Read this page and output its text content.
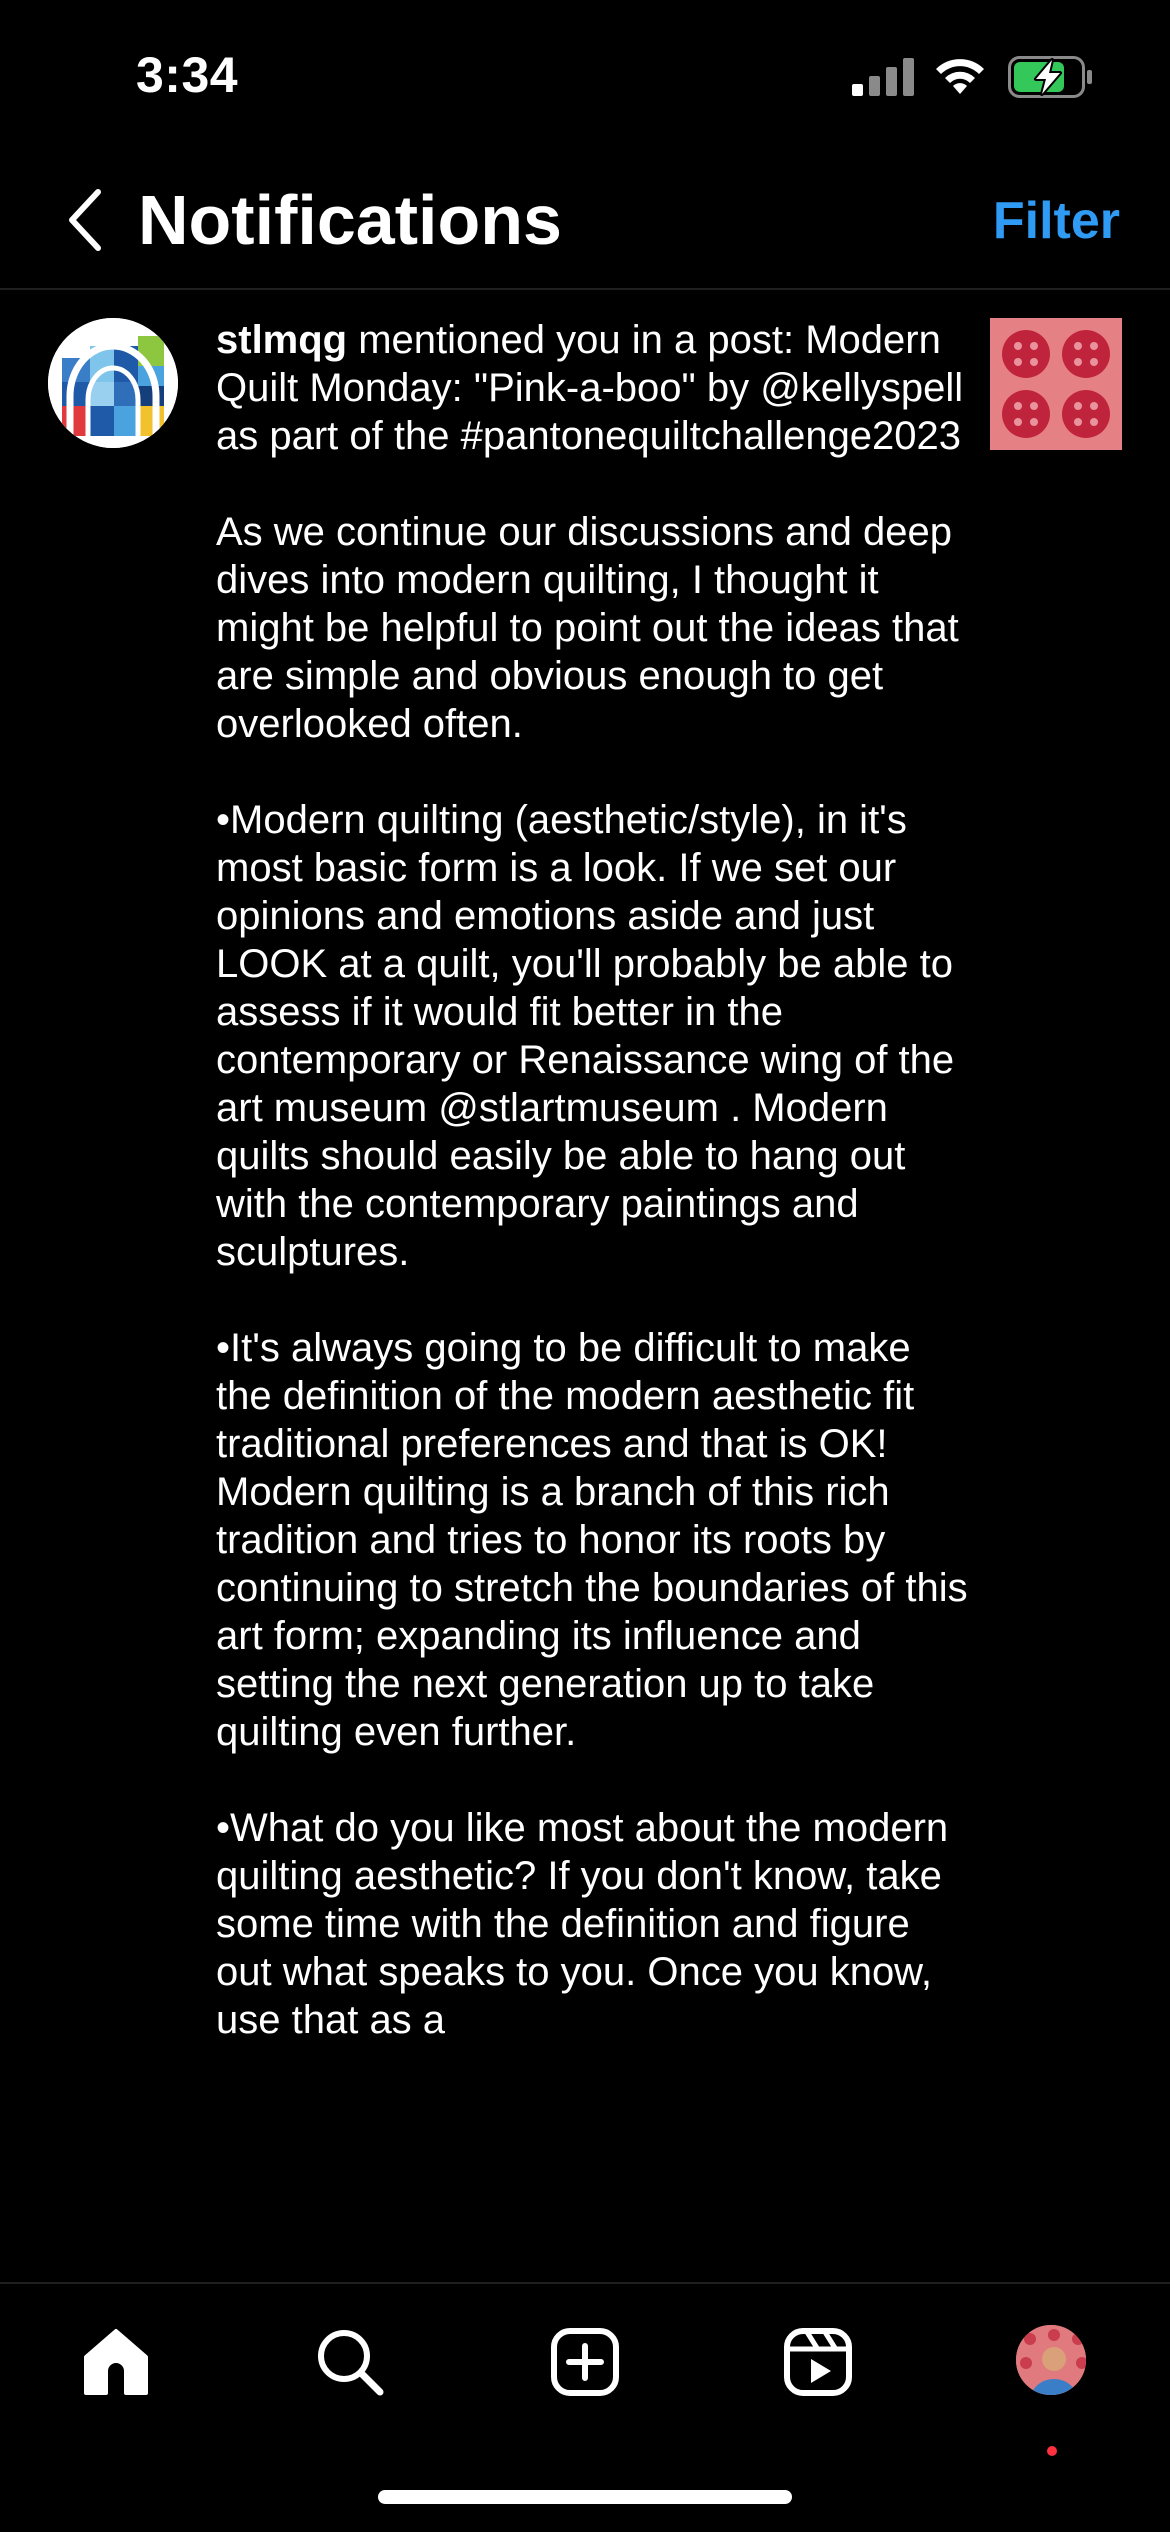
3:34
Notifications	Filter

stlmqg mentioned you in a post: Modern Quilt Monday: "Pink-a-boo" by @kellyspell as part of the #pantonequiltchallenge2023

As we continue our discussions and deep dives into modern quilting, I thought it might be helpful to point out the ideas that are simple and obvious enough to get overlooked often.

•Modern quilting (aesthetic/style), in it's most basic form is a look. If we set our opinions and emotions aside and just LOOK at a quilt, you'll probably be able to assess if it would fit better in the contemporary or Renaissance wing of the art museum @stlartmuseum . Modern quilts should easily be able to hang out with the contemporary paintings and sculptures.

•It's always going to be difficult to make the definition of the modern aesthetic fit traditional preferences and that is OK! Modern quilting is a branch of this rich tradition and tries to honor its roots by continuing to stretch the boundaries of this art form; expanding its influence and setting the next generation up to take quilting even further.

•What do you like most about the modern quilting aesthetic? If you don't know, take some time with the definition and figure out what speaks to you. Once you know, use that as a
